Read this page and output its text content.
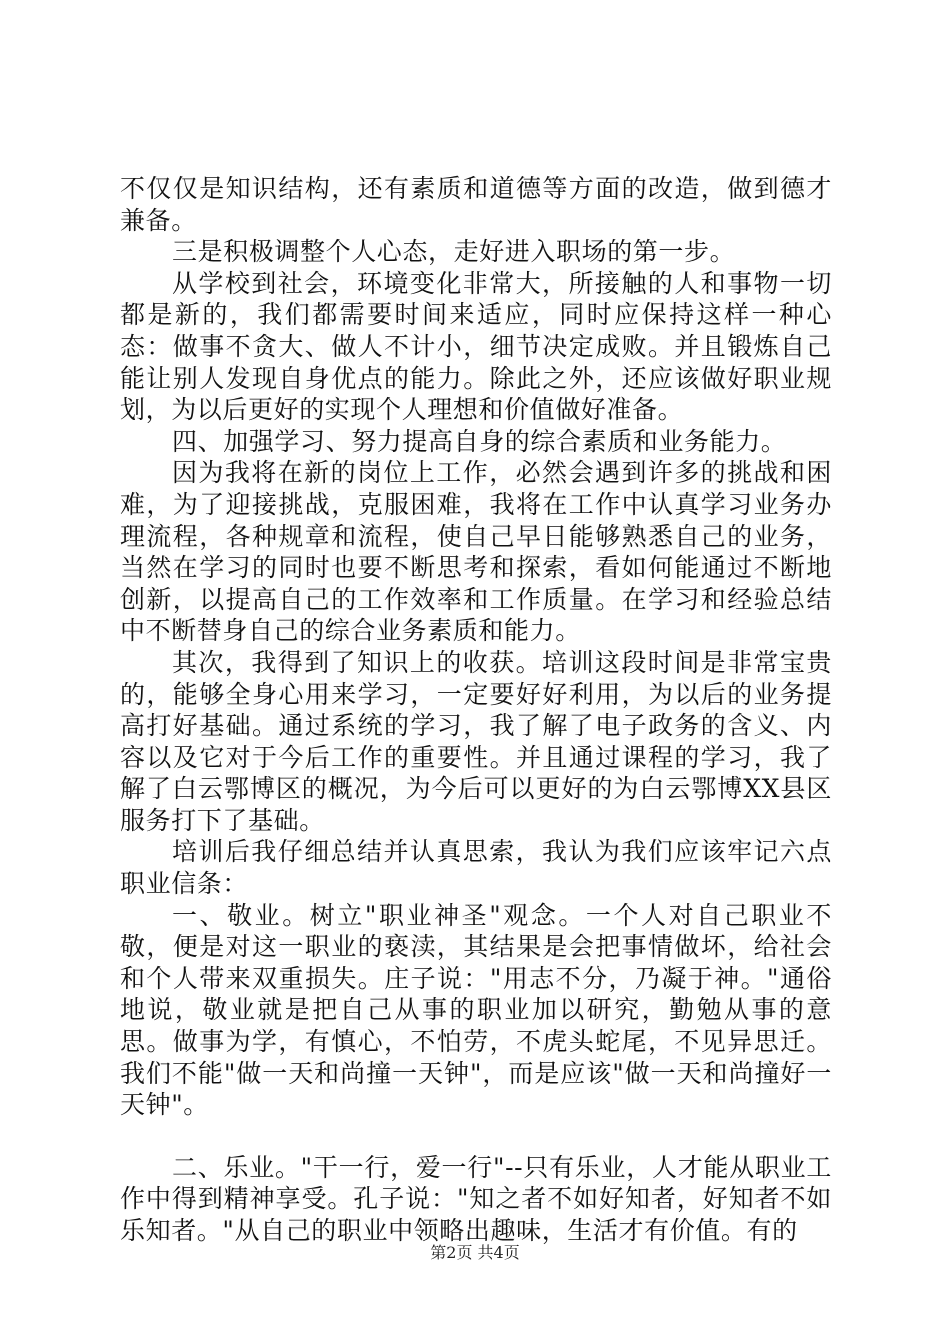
不仅仅是知识结构，还有素质和道德等方面的改造，做到德才兼备。

三是积极调整个人心态，走好进入职场的第一步。

从学校到社会，环境变化非常大，所接触的人和事物一切都是新的，我们都需要时间来适应，同时应保持这样一种心态：做事不贪大、做人不计小，细节决定成败。并且锻炼自己能让别人发现自身优点的能力。除此之外，还应该做好职业规划，为以后更好的实现个人理想和价值做好准备。

四、加强学习、努力提高自身的综合素质和业务能力。

因为我将在新的岗位上工作，必然会遇到许多的挑战和困难，为了迎接挑战，克服困难，我将在工作中认真学习业务办理流程，各种规章和流程，使自己早日能够熟悉自己的业务，当然在学习的同时也要不断思考和探索，看如何能通过不断地创新，以提高自己的工作效率和工作质量。在学习和经验总结中不断替身自己的综合业务素质和能力。

其次，我得到了知识上的收获。培训这段时间是非常宝贵的，能够全身心用来学习，一定要好好利用，为以后的业务提高打好基础。通过系统的学习，我了解了电子政务的含义、内容以及它对于今后工作的重要性。并且通过课程的学习，我了解了白云鄂博区的概况，为今后可以更好的为白云鄂博XX县区服务打下了基础。

培训后我仔细总结并认真思索，我认为我们应该牢记六点职业信条：

一、敬业。树立"职业神圣"观念。一个人对自己职业不敬，便是对这一职业的亵渎，其结果是会把事情做坏，给社会和个人带来双重损失。庄子说："用志不分，乃凝于神。"通俗地说，敬业就是把自己从事的职业加以研究，勤勉从事的意思。做事为学，有慎心，不怕劳，不虎头蛇尾，不见异思迁。我们不能"做一天和尚撞一天钟"，而是应该"做一天和尚撞好一天钟"。

二、乐业。"干一行，爱一行"--只有乐业，人才能从职业工作中得到精神享受。孔子说："知之者不如好知者，好知者不如乐知者。"从自己的职业中领略出趣味，生活才有价值。有的

第2页 共4页
